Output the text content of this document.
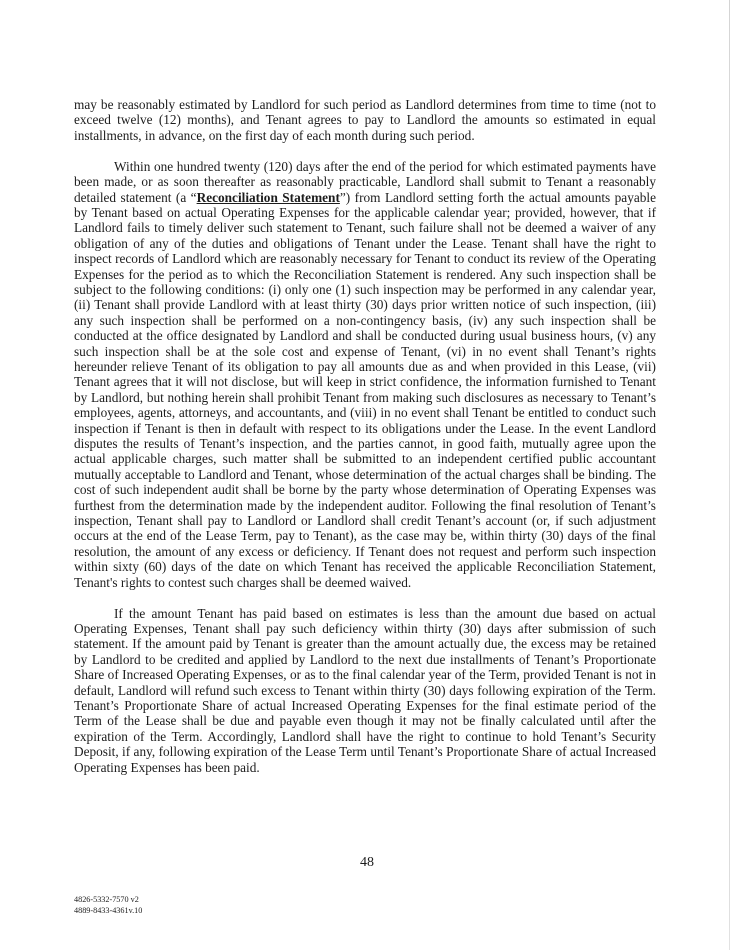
may be reasonably estimated by Landlord for such period as Landlord determines from time to time (not to exceed twelve (12) months), and Tenant agrees to pay to Landlord the amounts so estimated in equal installments, in advance, on the first day of each month during such period.

Within one hundred twenty (120) days after the end of the period for which estimated payments have been made, or as soon thereafter as reasonably practicable, Landlord shall submit to Tenant a reasonably detailed statement (a “Reconciliation Statement”) from Landlord setting forth the actual amounts payable by Tenant based on actual Operating Expenses for the applicable calendar year; provided, however, that if Landlord fails to timely deliver such statement to Tenant, such failure shall not be deemed a waiver of any obligation of any of the duties and obligations of Tenant under the Lease. Tenant shall have the right to inspect records of Landlord which are reasonably necessary for Tenant to conduct its review of the Operating Expenses for the period as to which the Reconciliation Statement is rendered. Any such inspection shall be subject to the following conditions: (i) only one (1) such inspection may be performed in any calendar year, (ii) Tenant shall provide Landlord with at least thirty (30) days prior written notice of such inspection, (iii) any such inspection shall be performed on a non-contingency basis, (iv) any such inspection shall be conducted at the office designated by Landlord and shall be conducted during usual business hours, (v) any such inspection shall be at the sole cost and expense of Tenant, (vi) in no event shall Tenant’s rights hereunder relieve Tenant of its obligation to pay all amounts due as and when provided in this Lease, (vii) Tenant agrees that it will not disclose, but will keep in strict confidence, the information furnished to Tenant by Landlord, but nothing herein shall prohibit Tenant from making such disclosures as necessary to Tenant’s employees, agents, attorneys, and accountants, and (viii) in no event shall Tenant be entitled to conduct such inspection if Tenant is then in default with respect to its obligations under the Lease. In the event Landlord disputes the results of Tenant’s inspection, and the parties cannot, in good faith, mutually agree upon the actual applicable charges, such matter shall be submitted to an independent certified public accountant mutually acceptable to Landlord and Tenant, whose determination of the actual charges shall be binding. The cost of such independent audit shall be borne by the party whose determination of Operating Expenses was furthest from the determination made by the independent auditor. Following the final resolution of Tenant’s inspection, Tenant shall pay to Landlord or Landlord shall credit Tenant’s account (or, if such adjustment occurs at the end of the Lease Term, pay to Tenant), as the case may be, within thirty (30) days of the final resolution, the amount of any excess or deficiency. If Tenant does not request and perform such inspection within sixty (60) days of the date on which Tenant has received the applicable Reconciliation Statement, Tenant's rights to contest such charges shall be deemed waived.

If the amount Tenant has paid based on estimates is less than the amount due based on actual Operating Expenses, Tenant shall pay such deficiency within thirty (30) days after submission of such statement. If the amount paid by Tenant is greater than the amount actually due, the excess may be retained by Landlord to be credited and applied by Landlord to the next due installments of Tenant’s Proportionate Share of Increased Operating Expenses, or as to the final calendar year of the Term, provided Tenant is not in default, Landlord will refund such excess to Tenant within thirty (30) days following expiration of the Term. Tenant’s Proportionate Share of actual Increased Operating Expenses for the final estimate period of the Term of the Lease shall be due and payable even though it may not be finally calculated until after the expiration of the Term. Accordingly, Landlord shall have the right to continue to hold Tenant’s Security Deposit, if any, following expiration of the Lease Term until Tenant’s Proportionate Share of actual Increased Operating Expenses has been paid.

48
4826-5332-7570 v2
4889-8433-4361v.10
